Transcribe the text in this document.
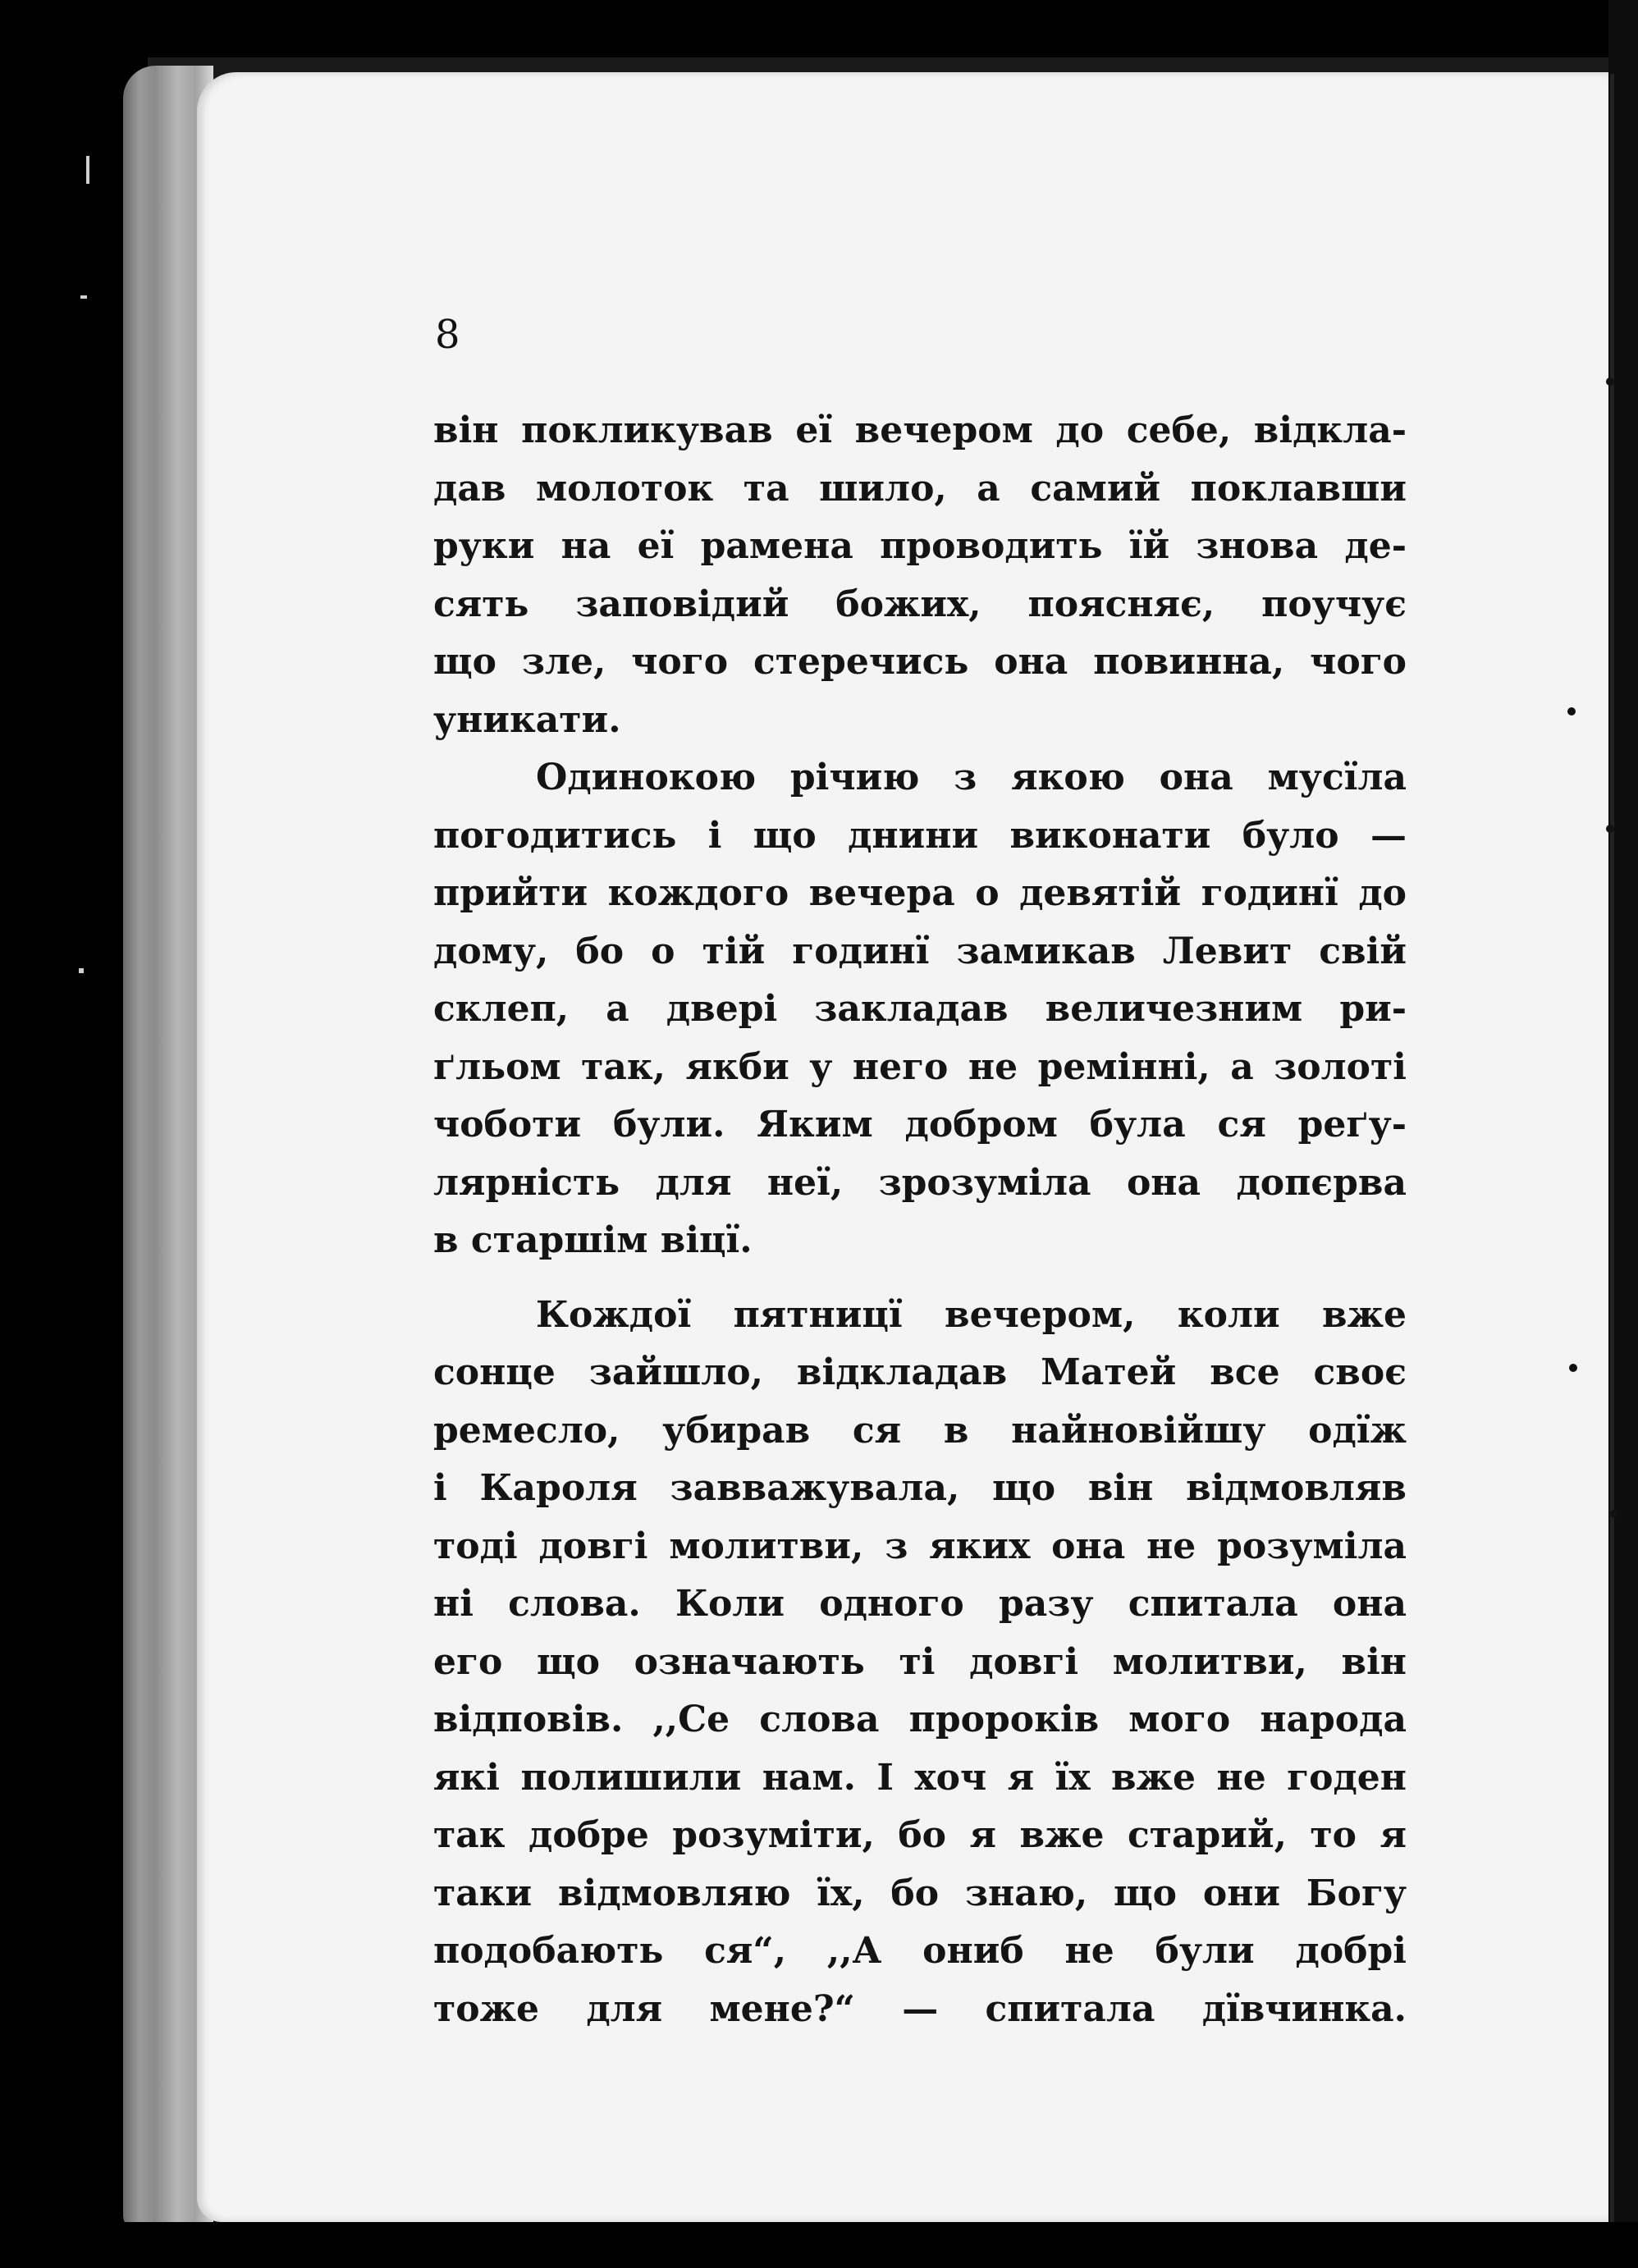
8
він покликував еї вечером до себе, відкла-
дав молоток та шило, а самий поклавши
руки на еї рамена проводить їй знова де-
сять заповідий божих, поясняє, поучує
що зле, чого стеречись она повинна, чого
уникати.
Одинокою річию з якою она мусїла
погодитись і що днини виконати було —
прийти кождого вечера о девятій годинї до
дому, бо о тій годинї замикав Левит свій
склеп, а двері закладав величезним ри-
ґльом так, якби у него не ремінні, а золоті
чоботи були. Яким добром була ся реґу-
лярність для неї, зрозуміла она допєрва
в старшім віцї.
Кождої пятницї вечером, коли вже
сонце зайшло, відкладав Матей все своє
ремесло, убирав ся в найновійшу одїж
і Кароля завважувала, що він відмовляв
тоді довгі молитви, з яких она не розуміла
ні слова. Коли одного разу спитала она
его що означають ті довгі молитви, він
відповів. ,,Се слова пророків мого народа
які полишили нам. І хоч я їх вже не годен
так добре розуміти, бо я вже старий, то я
таки відмовляю їх, бо знаю, що они Богу
подобають ся“, ,,А ониб не були добрі
тоже для мене?“ — спитала дївчинка.
